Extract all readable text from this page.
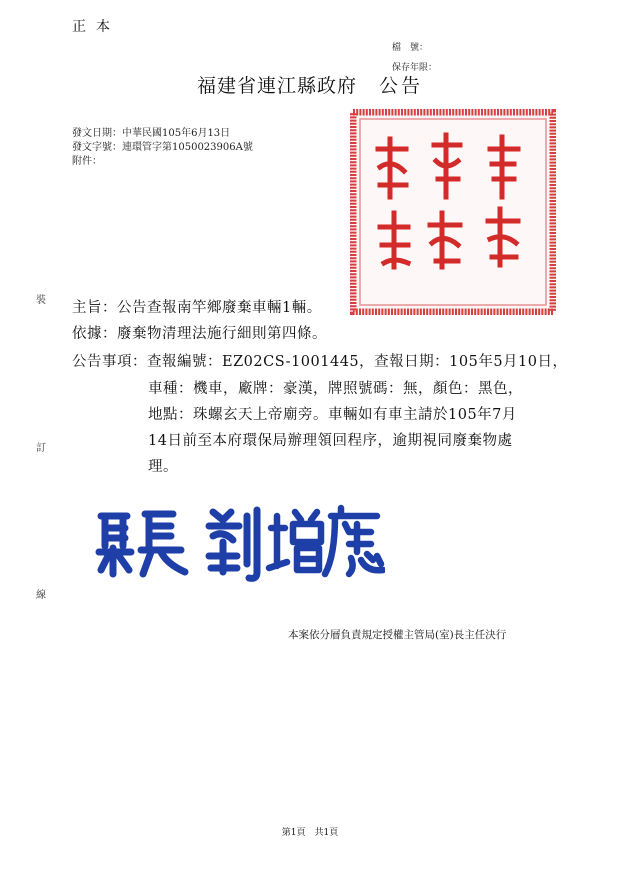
正本
檔　號：
保存年限：
福建省連江縣政府 公告
發文日期：中華民國105年6月13日
發文字號：連環管字第1050023906A號
附件：
裝
訂
線
主旨：公告查報南竿鄉廢棄車輛1輛。
依據：廢棄物清理法施行細則第四條。
公告事項：查報編號：EZ02CS-1001445，查報日期：105年5月10日，
車種：機車，廠牌：豪漢，牌照號碼：無，顏色：黑色，
地點：珠螺玄天上帝廟旁。車輛如有車主請於105年7月
14日前至本府環保局辦理領回程序，逾期視同廢棄物處
理。
本案依分層負責規定授權主管局(室)長主任決行
第1頁　共1頁
